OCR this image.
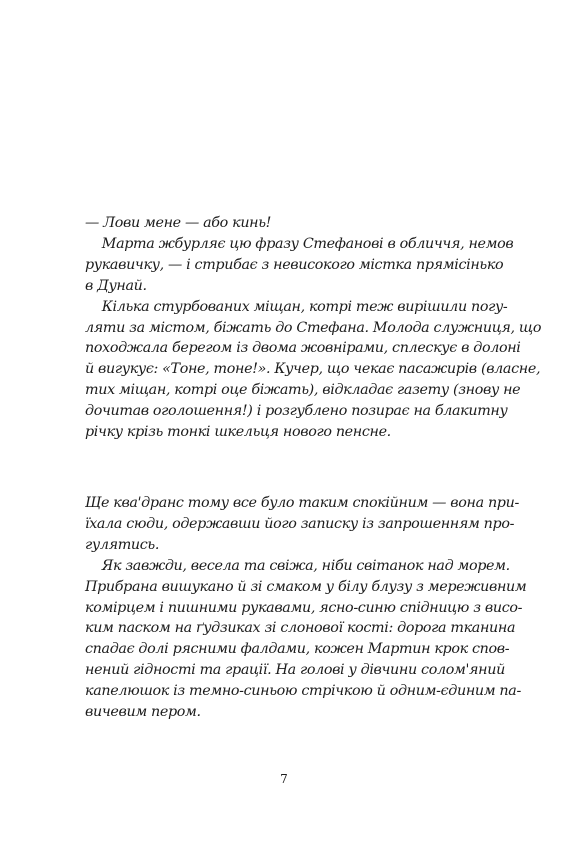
— Лови мене — або кинь!
Марта жбурляє цю фразу Стефанові в обличчя, немов
рукавичку, — і стрибає з невисокого містка прямісінько
в Дунай.
Кілька стурбованих міщан, котрі теж вирішили погу-
ляти за містом, біжать до Стефана. Молода служниця, що
походжала берегом із двома жовнірами, сплескує в долоні
й вигукує: «Тоне, тоне!». Кучер, що чекає пасажирів (власне,
тих міщан, котрі оце біжать), відкладає газету (знову не
дочитав оголошення!) і розгублено позирає на блакитну
річку крізь тонкі шкельця нового пенсне.
Ще кваꞌдранс тому все було таким спокійним — вона при-
їхала сюди, одержавши його записку із запрошенням про-
гулятись.
Як завжди, весела та свіжа, ніби світанок над морем.
Прибрана вишукано й зі смаком у білу блузу з мереживним
комірцем і пишними рукавами, ясно-синю спідницю з висо-
ким паском на ґудзиках зі слонової кості: дорога тканина
спадає долі рясними фалдами, кожен Мартин крок спов-
нений гідності та грації. На голові у дівчини солом'яний
капелюшок із темно-синьою стрічкою й одним-єдиним па-
вичевим пером.
7
